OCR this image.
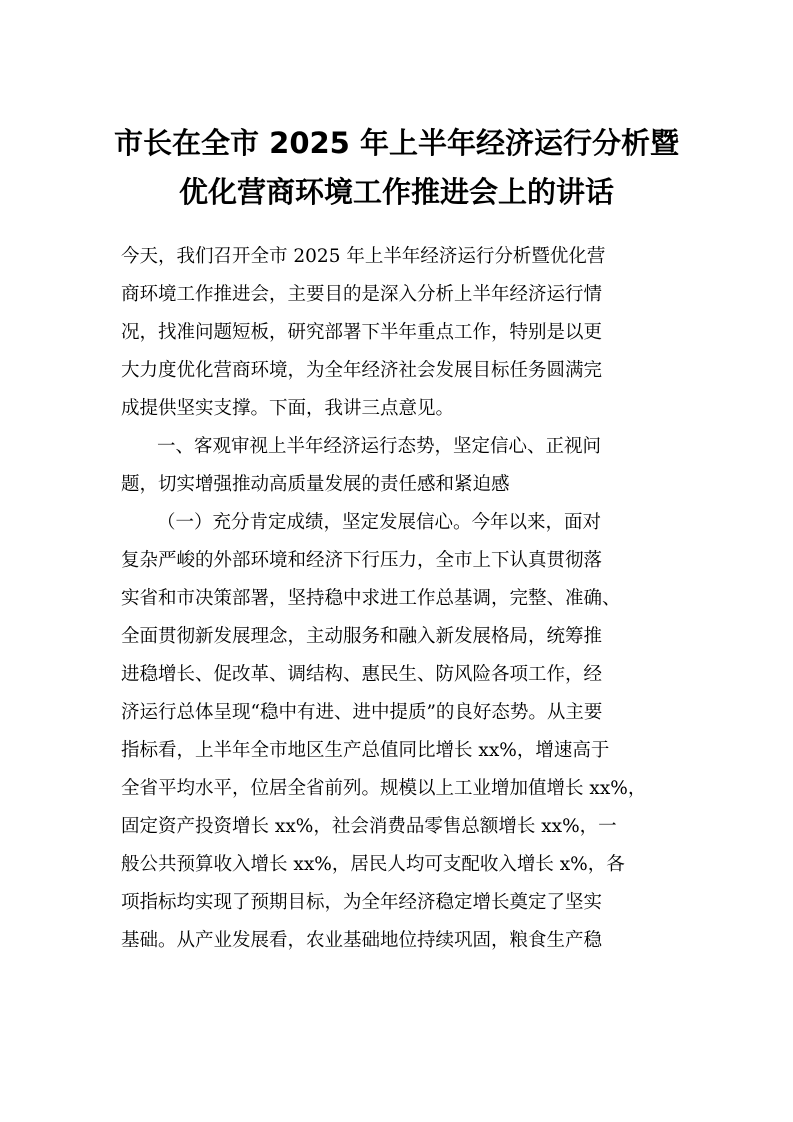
市长在全市 2025 年上半年经济运行分析暨
优化营商环境工作推进会上的讲话

今天，我们召开全市 2025 年上半年经济运行分析暨优化营

商环境工作推进会，主要目的是深入分析上半年经济运行情

况，找准问题短板，研究部署下半年重点工作，特别是以更

大力度优化营商环境，为全年经济社会发展目标任务圆满完

成提供坚实支撑。下面，我讲三点意见。

一、客观审视上半年经济运行态势，坚定信心、正视问

题，切实增强推动高质量发展的责任感和紧迫感

（一）充分肯定成绩，坚定发展信心。今年以来，面对

复杂严峻的外部环境和经济下行压力，全市上下认真贯彻落

实省和市决策部署，坚持稳中求进工作总基调，完整、准确、

全面贯彻新发展理念，主动服务和融入新发展格局，统筹推

进稳增长、促改革、调结构、惠民生、防风险各项工作，经

济运行总体呈现“稳中有进、进中提质”的良好态势。从主要

指标看，上半年全市地区生产总值同比增长 xx%，增速高于

全省平均水平，位居全省前列。规模以上工业增加值增长 xx%，

固定资产投资增长 xx%，社会消费品零售总额增长 xx%，一

般公共预算收入增长 xx%，居民人均可支配收入增长 x%，各

项指标均实现了预期目标，为全年经济稳定增长奠定了坚实

基础。从产业发展看，农业基础地位持续巩固，粮食生产稳
